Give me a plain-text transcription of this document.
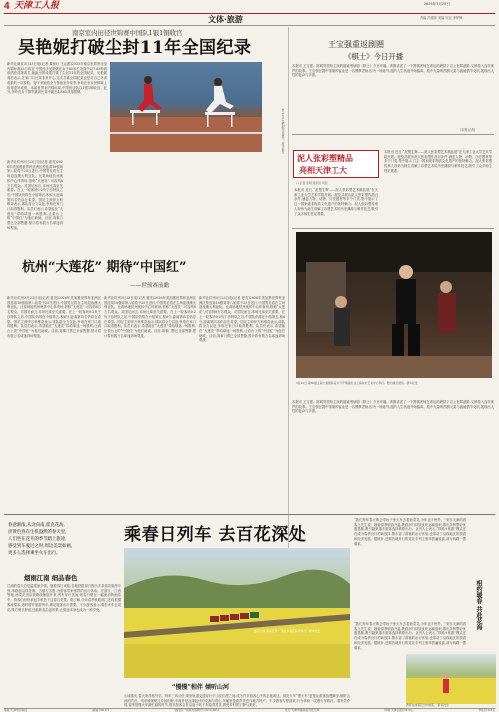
4 天津工人报	2025年3月25日
文体·旅游	责编 冯德萍 美编 安亚 李梦辉
南京室内田径世锦赛中国队1银1铜收官
吴艳妮打破尘封11年全国纪录
新华社南京3月23日电(记者 董意行 王沁鸥)2025年南京世界田径室内锦标赛23日收官,中国选手吴艳妮在女子60米栏决赛中以7.83秒的成绩获得第四名,她跑出的成绩打破了尘封11年的全国纪录。吴艳妮赛后表示,在家门口比赛非常开心,这次打破全国纪录也是对自己冬训成果的一次检验。接下来她将全力备战室外赛季,争取在东京世锦赛上取得更好成绩。本届世界室内锦标赛,中国田径队以1银1铜收官。此外,李玲在女子撑竿跳高比赛中跳出4米65获得银牌。
3月22日,吴艳妮在比赛中。新华社发
王宝强重返剧圈
《棋士》今日开播
本报讯 王宝强、陈明昊领衔主演的悬疑刑侦剧《棋士》今日开播。该剧讲述了一个围棋老师在命运的裹挟下走上犯罪道路,又被卷入连环案件的故事。王宝强在剧中饰演的崔业是一名围棋老师,因为一场意外,他的人生轨迹开始偏离。剧中大量的围棋元素与悬疑情节交织,展现出人性的复杂与多面。
(本报记者)
泥人张彩塑精品
亮相天津工大
口 记者 张明 通讯员 刘佳
本报讯 近日,“泥塑生辉——泥人张彩塑艺术精品展”在天津工业大学艺术学院开展。展览共展出泥人张彩塑作品百余件,涵盖人物、动物、历史题材等多个门类,集中展示了这一国家级非物质文化遗产的独特魅力。泥人张彩塑传承人现场为师生讲解了彩塑艺术的历史渊源与制作技艺,吸引了众多师生驻足观看。
本报讯 近日,“泥塑生辉——泥人张彩塑艺术精品展”在天津工业大学艺术学院开展。展览共展出泥人张彩塑作品百余件,涵盖人物、动物、历史题材等多个门类,集中展示了这一国家级非物质文化遗产的独特魅力。泥人张彩塑传承人现场为师生讲解了彩塑艺术的历史渊源与制作技艺,吸引了众多师生驻足观看。
杭州“大莲花” 期待“中国红”
——世预赛前瞻
新华社杭州3月23日电(记者 夏亮)2026年美加墨世界杯亚洲区预选赛18强赛第八轮将于25日进行,中国男足将在主场迎战澳大利亚队。比赛场地杭州奥体中心体育场,俗称“大莲花”,可容纳8万名观众。对国足而言,本场比赛至关重要。在上一轮客场0:2负于沙特队之后,中国队仍排在小组第五,积6分,距离第四名仍存在希望。国足主帅伊万科维奇表示,球队将全力以赴,争取在家门口取得胜利。队员们表示,希望能在“大莲花”带给球迷一场胜利,让看台上的“中国红”为他们助威。目前,赛事门票已全部售罄,预计将有数万名球迷到场观战。
新华社杭州3月23日电(记者 夏亮)2026年美加墨世界杯亚洲区预选赛18强赛第八轮将于25日进行,中国男足将在主场迎战澳大利亚队。比赛场地杭州奥体中心体育场,俗称“大莲花”,可容纳8万名观众。对国足而言,本场比赛至关重要。在上一轮客场0:2负于沙特队之后,中国队仍排在小组第五,积6分,距离第四名仍存在希望。国足主帅伊万科维奇表示,球队将全力以赴,争取在家门口取得胜利。队员们表示,希望能在“大莲花”带给球迷一场胜利,让看台上的“中国红”为他们助威。目前,赛事门票已全部售罄,预计将有数万名球迷到场观战。
新华社杭州3月23日电(记者 夏亮)2026年美加墨世界杯亚洲区预选赛18强赛第八轮将于25日进行,中国男足将在主场迎战澳大利亚队。比赛场地杭州奥体中心体育场,俗称“大莲花”,可容纳8万名观众。对国足而言,本场比赛至关重要。在上一轮客场0:2负于沙特队之后,中国队仍排在小组第五,积6分,距离第四名仍存在希望。国足主帅伊万科维奇表示,球队将全力以赴,争取在家门口取得胜利。队员们表示,希望能在“大莲花”带给球迷一场胜利,让看台上的“中国红”为他们助威。目前,赛事门票已全部售罄,预计将有数万名球迷到场观战。
新华社杭州3月23日电(记者 夏亮)2026年美加墨世界杯亚洲区预选赛18强赛第八轮将于25日进行,中国男足将在主场迎战澳大利亚队。比赛场地杭州奥体中心体育场,俗称“大莲花”,可容纳8万名观众。对国足而言,本场比赛至关重要。在上一轮客场0:2负于沙特队之后,中国队仍排在小组第五,积6分,距离第四名仍存在希望。国足主帅伊万科维奇表示,球队将全力以赴,争取在家门口取得胜利。队员们表示,希望能在“大莲花”带给球迷一场胜利,让看台上的“中国红”为他们助威。目前,赛事门票已全部售罄,预计将有数万名球迷到场观战。
3月22日,第38届上海之春国际音乐节开幕演出在上海东方艺术中心举行。图为演出现场。新华社发
本报讯 王宝强、陈明昊领衔主演的悬疑刑侦剧《棋士》今日开播。该剧讲述了一个围棋老师在命运的裹挟下走上犯罪道路,又被卷入连环案件的故事。王宝强在剧中饰演的崔业是一名围棋老师,因为一场意外,他的人生轨迹开始偏离。剧中大量的围棋元素与悬疑情节交织,展现出人性的复杂与多面。
春意渐浓,从北向南,霍克花海,
淡黄色春在生机盎然的春天里,
人们坐在花开的季节踏上旅途,
感受到车驶过之时,周边美景如画,
更多人选择乘坐火车出行。
乘春日列车 去百花深处
烟雨江南 细品春色
江南的春天总是温柔而多情。随着春日来临,各地铁路部门推出多条赏花旅游专列,串联起沿线花海、古镇与名胜,为游客带来别样的出行体验。在浙江、江西等地,油菜花田沿铁路线铺展开来,列车穿行其间,宛若行驶在一幅流动的画卷中。游客们纷纷拿起手机拍下这春日美景。据了解,今年春季铁路部门还将根据客流需求,适时增开旅游列车,满足旅客出行需要。不少游客表示,乘坐火车去赏花,既方便又舒适,还能欣赏沿途风景,让旅途本身也成为一种享受。
春回大地,油菜花开,一列火车在花海中穿行。新华社发
“慢慢”相伴 倾听山河
山城重庆,春天来得格外早。每年三四月份,乘坐轨道交通穿行于山花烂漫之间,成为许多游客心中的必选项目。绿皮火车“慢火车”更是让游客放慢脚步,倾听山河的声音。列车缓缓驶过乡间田野,车窗外是连绵起伏的花海与青山,车厢里是欢声笑语与地方特产。不少游客专程前来,只为体验一次慢火车旅行。乘务员介绍,春季是慢火车最忙碌的时节,很多游客会在沿途小站下车踏青赏花,感受乡村的宁静与美好。
“我们每年春天都会带孩子坐火车去看油菜花,今年也不例外。”来自天津的游客王先生说。随着春季旅游升温,铁路部门持续优化运输组织,推出多种票价优惠措施,吸引越来越多游客选择铁路出行。业内人士表示,“铁路+旅游”模式正在成为春季出行的新选择,既丰富了游客的出行体验,也带动了沿线地区的旅游和经济发展。据统计,近期各地开行的赏花专列上座率普遍较高,部分线路一票难求。
相约暖春 共赴花海
“我们每年春天都会带孩子坐火车去看油菜花,今年也不例外。”来自天津的游客王先生说。随着春季旅游升温,铁路部门持续优化运输组织,推出多种票价优惠措施,吸引越来越多游客选择铁路出行。业内人士表示,“铁路+旅游”模式正在成为春季出行的新选择,既丰富了游客的出行体验,也带动了沿线地区的旅游和经济发展。据统计,近期各地开行的赏花专列上座率普遍较高,部分线路一票难求。
游客在油菜花田中拍照。 新华社发
地址:天津市河东区	邮编:300171	国内统一连续出版物号 CN12-0011	发行:天津市邮政报刊发行局	印刷:天津日报印务中心	零售价:0.8元
